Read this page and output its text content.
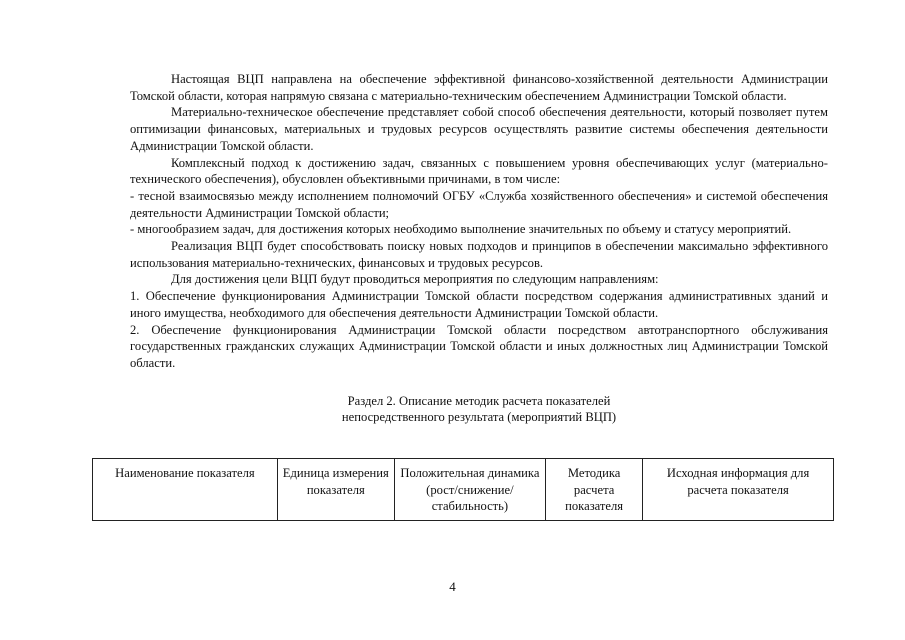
Настоящая ВЦП направлена на обеспечение эффективной финансово-хозяйственной деятельности Администрации Томской области, которая напрямую связана с материально-техническим обеспечением Администрации Томской области.

Материально-техническое обеспечение представляет собой способ обеспечения деятельности, который позволяет путем оптимизации финансовых, материальных и трудовых ресурсов осуществлять развитие системы обеспечения деятельности Администрации Томской области.

Комплексный подход к достижению задач, связанных с повышением уровня обеспечивающих услуг (материально-технического обеспечения), обусловлен объективными причинами, в том числе:

- тесной взаимосвязью между исполнением полномочий ОГБУ «Служба хозяйственного обеспечения» и системой обеспечения деятельности Администрации Томской области;

- многообразием задач, для достижения которых необходимо выполнение значительных по объему и статусу мероприятий.

Реализация ВЦП будет способствовать поиску новых подходов и принципов в обеспечении максимально эффективного использования материально-технических, финансовых и трудовых ресурсов.

Для достижения цели ВЦП будут проводиться мероприятия по следующим направлениям:

1. Обеспечение функционирования Администрации Томской области посредством содержания административных зданий и иного имущества, необходимого для обеспечения деятельности Администрации Томской области.

2. Обеспечение функционирования Администрации Томской области посредством автотранспортного обслуживания государственных гражданских служащих Администрации Томской области и иных должностных лиц Администрации Томской области.

Раздел 2. Описание методик расчета показателей
непосредственного результата (мероприятий ВЦП)
Наименование показателя	Единица измерения показателя	Положительная динамика (рост/снижение/ стабильность)	Методика расчета показателя	Исходная информация для расчета показателя
4
